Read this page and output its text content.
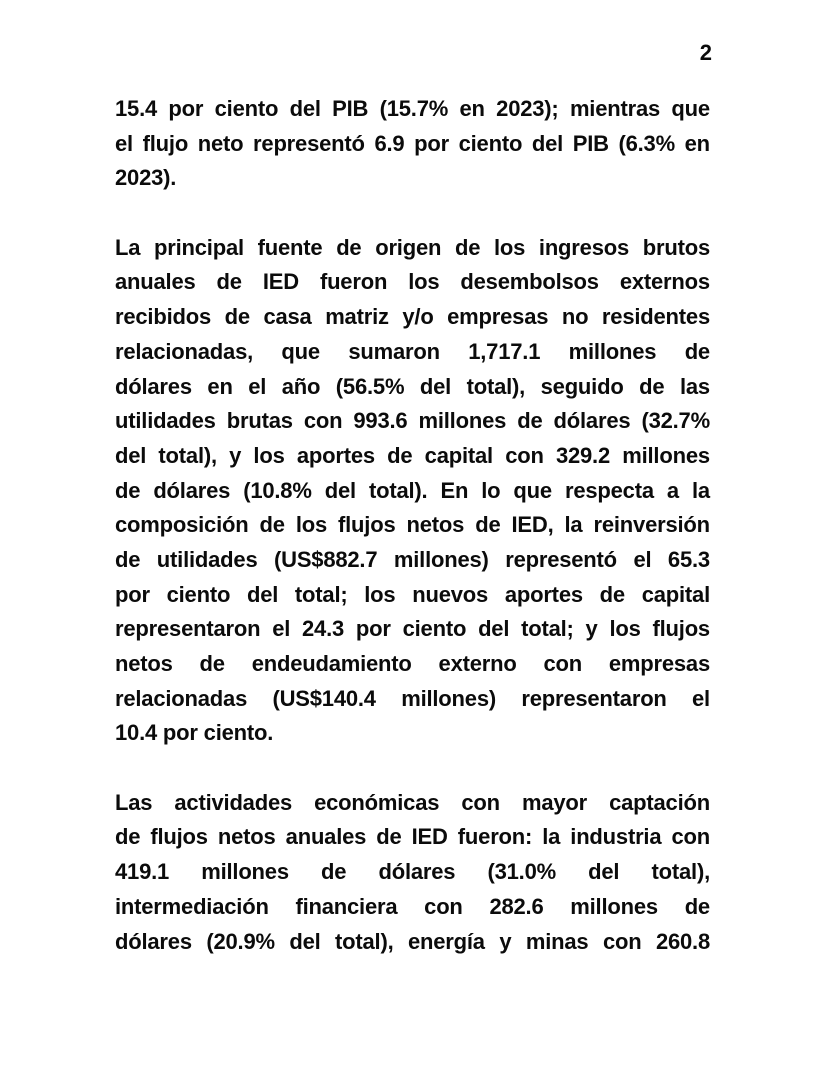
2
15.4 por ciento del PIB (15.7% en 2023); mientras que
el flujo neto representó 6.9 por ciento del PIB (6.3% en
2023).
La principal fuente de origen de los ingresos brutos
anuales de IED fueron los desembolsos externos
recibidos de casa matriz y/o empresas no residentes
relacionadas, que sumaron 1,717.1 millones de
dólares en el año (56.5% del total), seguido de las
utilidades brutas con 993.6 millones de dólares (32.7%
del total), y los aportes de capital con 329.2 millones
de dólares (10.8% del total). En lo que respecta a la
composición de los flujos netos de IED, la reinversión
de utilidades (US$882.7 millones) representó el 65.3
por ciento del total; los nuevos aportes de capital
representaron el 24.3 por ciento del total; y los flujos
netos de endeudamiento externo con empresas
relacionadas (US$140.4 millones) representaron el
10.4 por ciento.
Las actividades económicas con mayor captación
de flujos netos anuales de IED fueron: la industria con
419.1 millones de dólares (31.0% del total),
intermediación financiera con 282.6 millones de
dólares (20.9% del total), energía y minas con 260.8
